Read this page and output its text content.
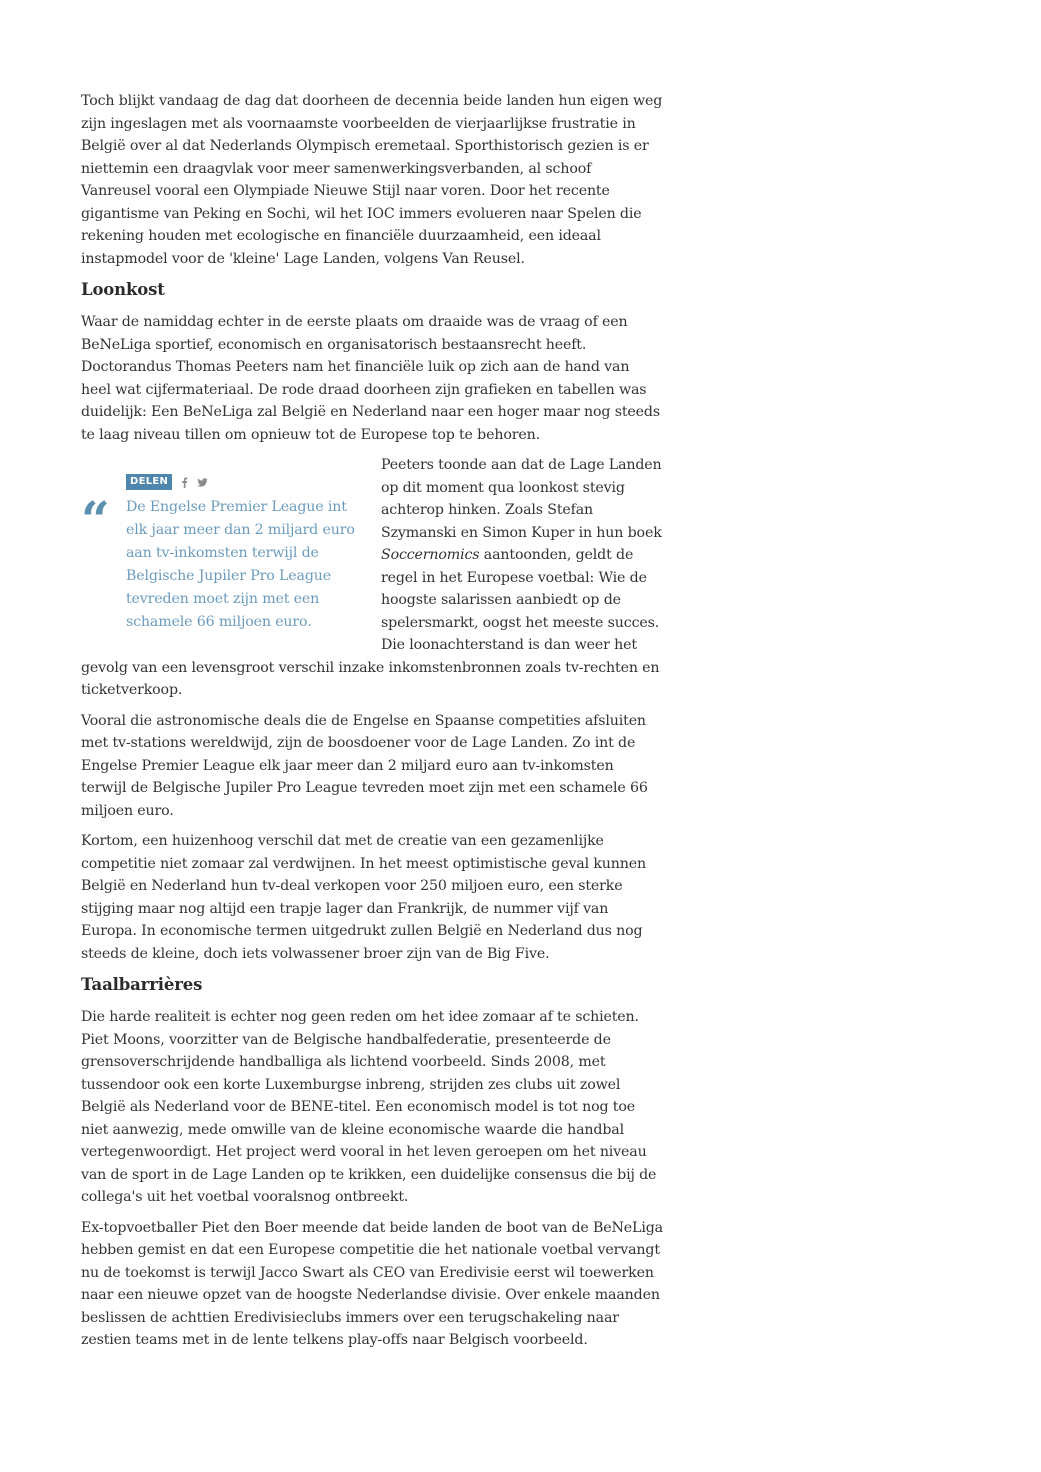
Toch blijkt vandaag de dag dat doorheen de decennia beide landen hun eigen weg zijn ingeslagen met als voornaamste voorbeelden de vierjaarlijkse frustratie in België over al dat Nederlands Olympisch eremetaal. Sporthistorisch gezien is er niettemin een draagvlak voor meer samenwerkingsverbanden, al schoof Vanreusel vooral een Olympiade Nieuwe Stijl naar voren. Door het recente gigantisme van Peking en Sochi, wil het IOC immers evolueren naar Spelen die rekening houden met ecologische en financiële duurzaamheid, een ideaal instapmodel voor de 'kleine' Lage Landen, volgens Van Reusel.

Loonkost

Waar de namiddag echter in de eerste plaats om draaide was de vraag of een BeNeLiga sportief, economisch en organisatorisch bestaansrecht heeft. Doctorandus Thomas Peeters nam het financiële luik op zich aan de hand van heel wat cijfermateriaal. De rode draad doorheen zijn grafieken en tabellen was duidelijk: Een BeNeLiga zal België en Nederland naar een hoger maar nog steeds te laag niveau tillen om opnieuw tot de Europese top te behoren.

“
DELEN
De Engelse Premier League int elk jaar meer dan 2 miljard euro aan tv-inkomsten terwijl de Belgische Jupiler Pro League tevreden moet zijn met een schamele 66 miljoen euro.

Peeters toonde aan dat de Lage Landen op dit moment qua loonkost stevig achterop hinken. Zoals Stefan Szymanski en Simon Kuper in hun boek Soccernomics aantoonden, geldt de regel in het Europese voetbal: Wie de hoogste salarissen aanbiedt op de spelersmarkt, oogst het meeste succes. Die loonachterstand is dan weer het gevolg van een levensgroot verschil inzake inkomstenbronnen zoals tv-rechten en ticketverkoop.

Vooral die astronomische deals die de Engelse en Spaanse competities afsluiten met tv-stations wereldwijd, zijn de boosdoener voor de Lage Landen. Zo int de Engelse Premier League elk jaar meer dan 2 miljard euro aan tv-inkomsten terwijl de Belgische Jupiler Pro League tevreden moet zijn met een schamele 66 miljoen euro.

Kortom, een huizenhoog verschil dat met de creatie van een gezamenlijke competitie niet zomaar zal verdwijnen. In het meest optimistische geval kunnen België en Nederland hun tv-deal verkopen voor 250 miljoen euro, een sterke stijging maar nog altijd een trapje lager dan Frankrijk, de nummer vijf van Europa. In economische termen uitgedrukt zullen België en Nederland dus nog steeds de kleine, doch iets volwassener broer zijn van de Big Five.

Taalbarrières

Die harde realiteit is echter nog geen reden om het idee zomaar af te schieten. Piet Moons, voorzitter van de Belgische handbalfederatie, presenteerde de grensoverschrijdende handballiga als lichtend voorbeeld. Sinds 2008, met tussendoor ook een korte Luxemburgse inbreng, strijden zes clubs uit zowel België als Nederland voor de BENE-titel. Een economisch model is tot nog toe niet aanwezig, mede omwille van de kleine economische waarde die handbal vertegenwoordigt. Het project werd vooral in het leven geroepen om het niveau van de sport in de Lage Landen op te krikken, een duidelijke consensus die bij de collega's uit het voetbal vooralsnog ontbreekt.

Ex-topvoetballer Piet den Boer meende dat beide landen de boot van de BeNeLiga hebben gemist en dat een Europese competitie die het nationale voetbal vervangt nu de toekomst is terwijl Jacco Swart als CEO van Eredivisie eerst wil toewerken naar een nieuwe opzet van de hoogste Nederlandse divisie. Over enkele maanden beslissen de achttien Eredivisieclubs immers over een terugschakeling naar zestien teams met in de lente telkens play-offs naar Belgisch voorbeeld.
